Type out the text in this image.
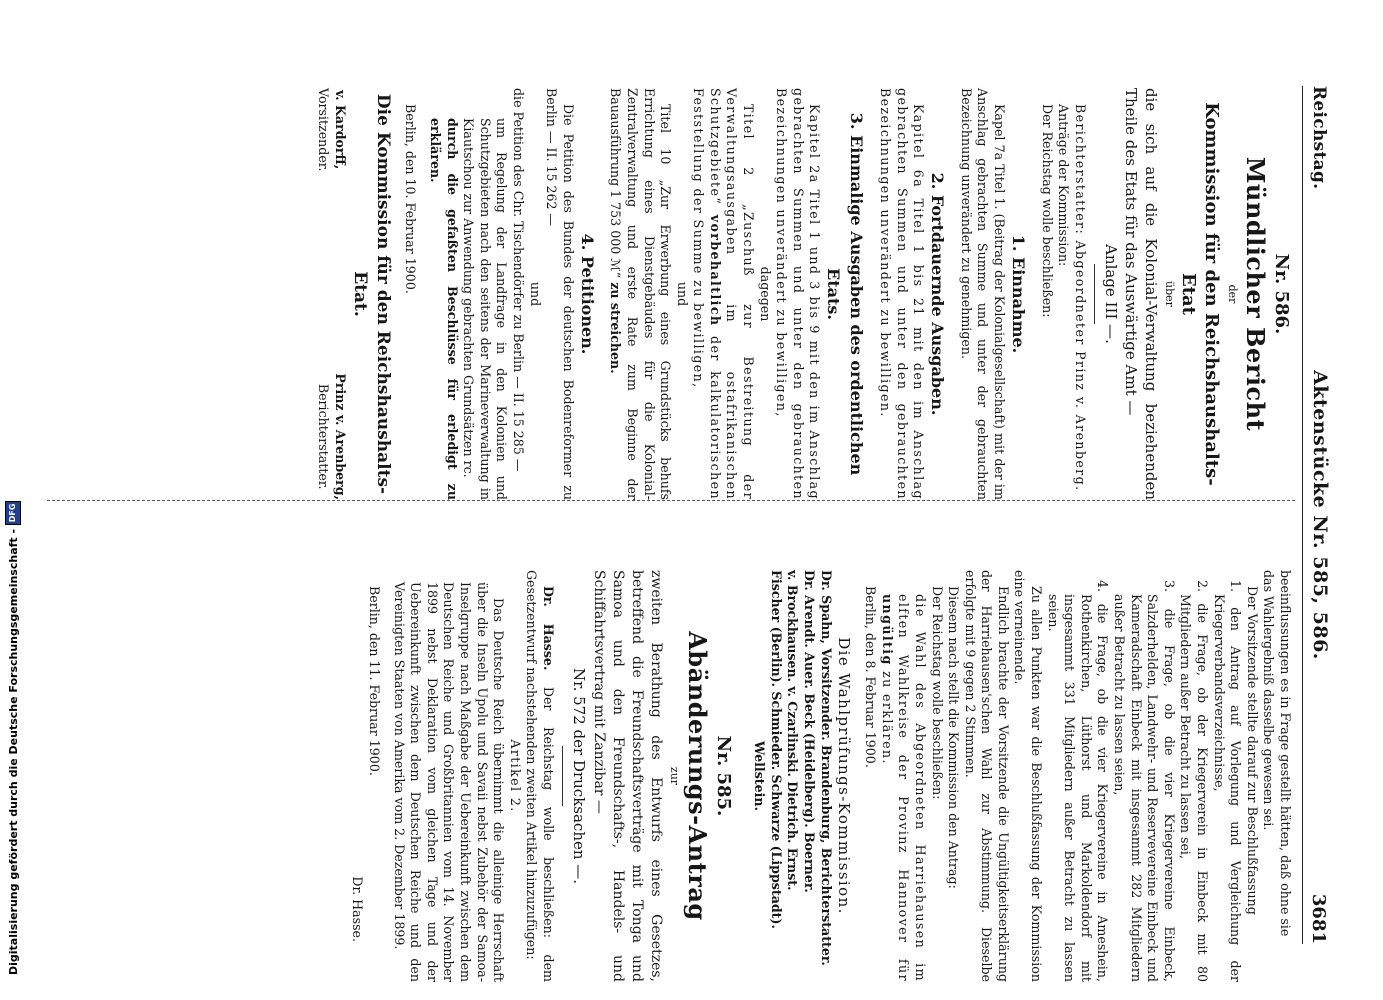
Reichstag.
Aktenstücke Nr. 585, 586.
3681

beeinflussungen es in Frage gestellt hätten, daß ohne sie

das Wahlergebniß dasselbe gewesen sei.

Der Vorsitzende stellte darauf zur Beschlußfassung

1. den Antrag auf Vorlegung und Vergleichung der Kriegerverbandsverzeichnisse,

2. die Frage, ob der Kriegerverein in Einbeck mit 80 Mitgliedern außer Betracht zu lassen sei,

3. die Frage, ob die vier Kriegervereine Einbeck, Salzderhelden, Landwehr- und Reservevereine Einbeck und Kameradschaft Einbeck mit insgesammt 282 Mitgliedern außer Betracht zu lassen seien,

4. die Frage, ob die vier Kriegervereine in Ameshein, Rothenkirchen, Lüthorst und Markoldendorf mit insgesammt 331 Mitgliedern außer Betracht zu lassen seien.

Zu allen Punkten war die Beschlußfassung der Kommission eine verneinende.

Endlich brachte der Vorsitzende die Ungültigkeitserklärung der Harriehausen'schen Wahl zur Abstimmung. Dieselbe erfolgte mit 9 gegen 2 Stimmen.

Diesem nach stellt die Kommission den Antrag:

Der Reichstag wolle beschließen:

die Wahl des Abgeordneten Harriehausen im elften Wahlkreise der Provinz Hannover für ungültig zu erklären.

Berlin, den 8. Februar 1900.

Die Wahlprüfungs-Kommission.

Dr. Spahn, Vorsitzender. Brandenburg, Berichterstatter.

Dr. Arendt. Auer. Beck (Heidelberg). Boerner.

v. Brockhausen. v. Czarlinski. Dietrich. Ernst.

Fischer (Berlin). Schmieder. Schwarze (Lippstadt).

Wellstein.

Nr. 585.

Abänderungs-Antrag

zur

zweiten Berathung des Entwurfs eines Gesetzes, betreffend die Freundschaftsverträge mit Tonga und Samoa und den Freundschafts-, Handels- und Schiffahrtsvertrag mit Zanzibar —

Nr. 572 der Drucksachen —.

Dr. Hasse. Der Reichstag wolle beschließen: dem Gesetzentwurf nachstehenden zweiten Artikel hinzuzufügen:

Artikel 2.

Das Deutsche Reich übernimmt die alleinige Herrschaft über die Inseln Upolu und Savaii nebst Zubehör der Samoa-Inselgruppe nach Maßgabe der Uebereinkunft zwischen dem Deutschen Reiche und Großbritannien vom 14. November 1899 nebst Deklaration vom gleichen Tage und der Uebereinkunft zwischen dem Deutschen Reiche und den Vereinigten Staaten von Amerika vom 2. Dezember 1899.

Berlin, den 11. Februar 1900.

Dr. Hasse.

Nr. 586.

Mündlicher Bericht

der

Kommission für den Reichshaushalts-Etat

über

die sich auf die Kolonial-Verwaltung beziehenden Theile des Etats für das Auswärtige Amt —

Anlage III —.

Berichterstatter: Abgeordneter Prinz v. Arenberg.

Anträge der Kommission:

Der Reichstag wolle beschließen:

1. Einnahme.

Kapel 7a Titel 1. (Beitrag der Kolonialgesellschaft) mit der im Anschlag gebrachten Summe und unter der gebrauchten Bezeichnung unverändert zu genehmigen.

2. Fortdauernde Ausgaben.

Kapitel 6a Titel 1 bis 21 mit den im Anschlag gebrachten Summen und unter den gebrauchten Bezeichnungen unverändert zu bewilligen.

3. Einmalige Ausgaben des ordentlichen Etats.

Kapitel 2a Titel 1 und 3 bis 9 mit den im Anschlag gebrachten Summen und unter den gebrauchten Bezeichnungen unverändert zu bewilligen,

dagegen

Titel 2 „Zuschuß zur Bestreitung der Verwaltungsausgaben im ostafrikanischen Schutzgebiete“ vorbehaltlich der kalkulatorischen Feststellung der Summe zu bewilligen,

und

Titel 10 „Zur Erwerbung eines Grundstücks behufs Errichtung eines Dienstgebäudes für die Kolonial-Zentralverwaltung und erste Rate zum Beginne der Bauausführung 1 753 000 ℳ“ zu streichen.

4. Petitionen.

Die Petition des Bundes der deutschen Bodenreformer zu Berlin — II. 15 262 —

und

die Petition des Chr. Tischendörfer zu Berlin — II. 15 285 —

um Regelung der Landfrage in den Kolonien und Schutzgebieten nach den seitens der Marineverwaltung in Kiautschou zur Anwendung gebrachten Grundsätzen rc.

durch die gefaßten Beschlüsse für erledigt zu erklären.

Berlin, den 10. Februar 1900.

Die Kommission für den Reichshaushalts-Etat.

v. Kardorff,
Vorsitzender.
Prinz v. Arenberg,
Berichterstatter.
Digitalisierung gefördert durch die Deutsche Forschungsgemeinschaft -
DFG
